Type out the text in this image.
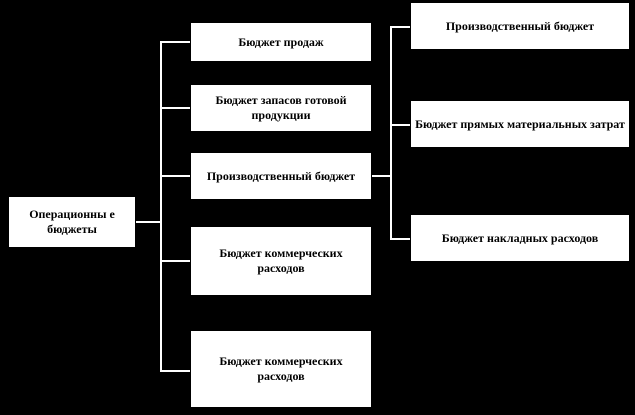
Операционны е бюджеты
Бюджет продаж
Бюджет запасов готовой продукции
Производственный бюджет
Бюджет коммерческих расходов
Бюджет коммерческих расходов
Производственный бюджет
Бюджет прямых материальных затрат
Бюджет накладных расходов
